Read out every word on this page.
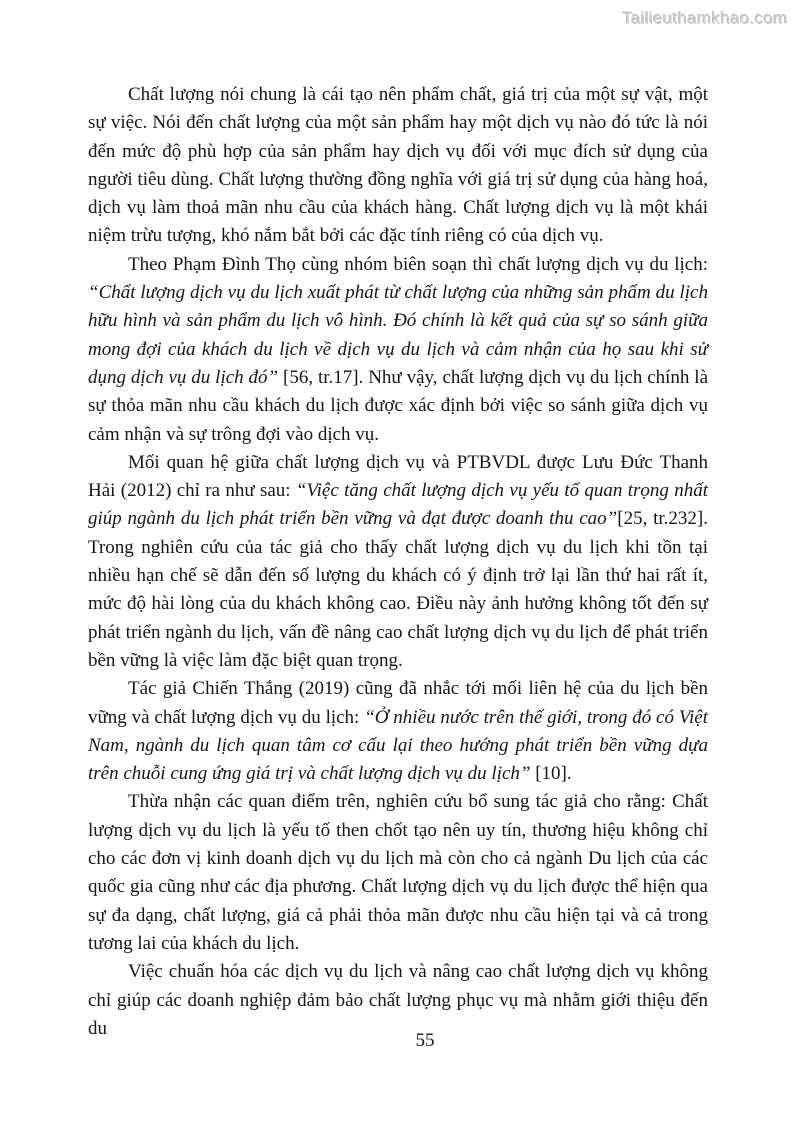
Tailieuthamkhao.com

Chất lượng nói chung là cái tạo nên phẩm chất, giá trị của một sự vật, một sự việc. Nói đến chất lượng của một sản phẩm hay một dịch vụ nào đó tức là nói đến mức độ phù hợp của sản phẩm hay dịch vụ đối với mục đích sử dụng của người tiêu dùng. Chất lượng thường đồng nghĩa với giá trị sử dụng của hàng hoá, dịch vụ làm thoả mãn nhu cầu của khách hàng. Chất lượng dịch vụ là một khái niệm trừu tượng, khó nắm bắt bởi các đặc tính riêng có của dịch vụ.

Theo Phạm Đình Thọ cùng nhóm biên soạn thì chất lượng dịch vụ du lịch: “Chất lượng dịch vụ du lịch xuất phát từ chất lượng của những sản phẩm du lịch hữu hình và sản phẩm du lịch vô hình. Đó chính là kết quả của sự so sánh giữa mong đợi của khách du lịch về dịch vụ du lịch và cảm nhận của họ sau khi sử dụng dịch vụ du lịch đó” [56, tr.17]. Như vậy, chất lượng dịch vụ du lịch chính là sự thỏa mãn nhu cầu khách du lịch được xác định bởi việc so sánh giữa dịch vụ cảm nhận và sự trông đợi vào dịch vụ.

Mối quan hệ giữa chất lượng dịch vụ và PTBVDL được Lưu Đức Thanh Hải (2012) chỉ ra như sau: “Việc tăng chất lượng dịch vụ yếu tố quan trọng nhất giúp ngành du lịch phát triển bền vững và đạt được doanh thu cao”[25, tr.232]. Trong nghiên cứu của tác giả cho thấy chất lượng dịch vụ du lịch khi tồn tại nhiều hạn chế sẽ dẫn đến số lượng du khách có ý định trở lại lần thứ hai rất ít, mức độ hài lòng của du khách không cao. Điều này ảnh hưởng không tốt đến sự phát triển ngành du lịch, vấn đề nâng cao chất lượng dịch vụ du lịch để phát triển bền vững là việc làm đặc biệt quan trọng.

Tác giả Chiến Thắng (2019) cũng đã nhắc tới mối liên hệ của du lịch bền vững và chất lượng dịch vụ du lịch: “Ở nhiều nước trên thế giới, trong đó có Việt Nam, ngành du lịch quan tâm cơ cấu lại theo hướng phát triển bền vững dựa trên chuỗi cung ứng giá trị và chất lượng dịch vụ du lịch” [10].

Thừa nhận các quan điểm trên, nghiên cứu bổ sung tác giả cho rằng: Chất lượng dịch vụ du lịch là yếu tố then chốt tạo nên uy tín, thương hiệu không chỉ cho các đơn vị kinh doanh dịch vụ du lịch mà còn cho cả ngành Du lịch của các quốc gia cũng như các địa phương. Chất lượng dịch vụ du lịch được thể hiện qua sự đa dạng, chất lượng, giá cả phải thỏa mãn được nhu cầu hiện tại và cả trong tương lai của khách du lịch.

Việc chuẩn hóa các dịch vụ du lịch và nâng cao chất lượng dịch vụ không chỉ giúp các doanh nghiệp đảm bảo chất lượng phục vụ mà nhằm giới thiệu đến du

55
